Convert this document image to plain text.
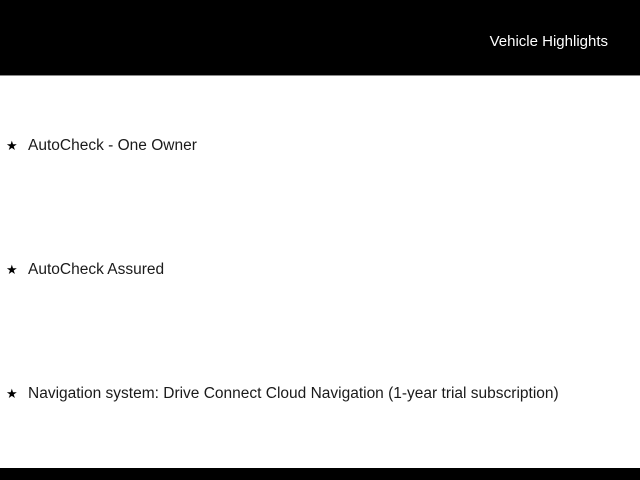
Vehicle Highlights
★ AutoCheck - One Owner
★ AutoCheck Assured
★ Navigation system: Drive Connect Cloud Navigation (1-year trial subscription)
